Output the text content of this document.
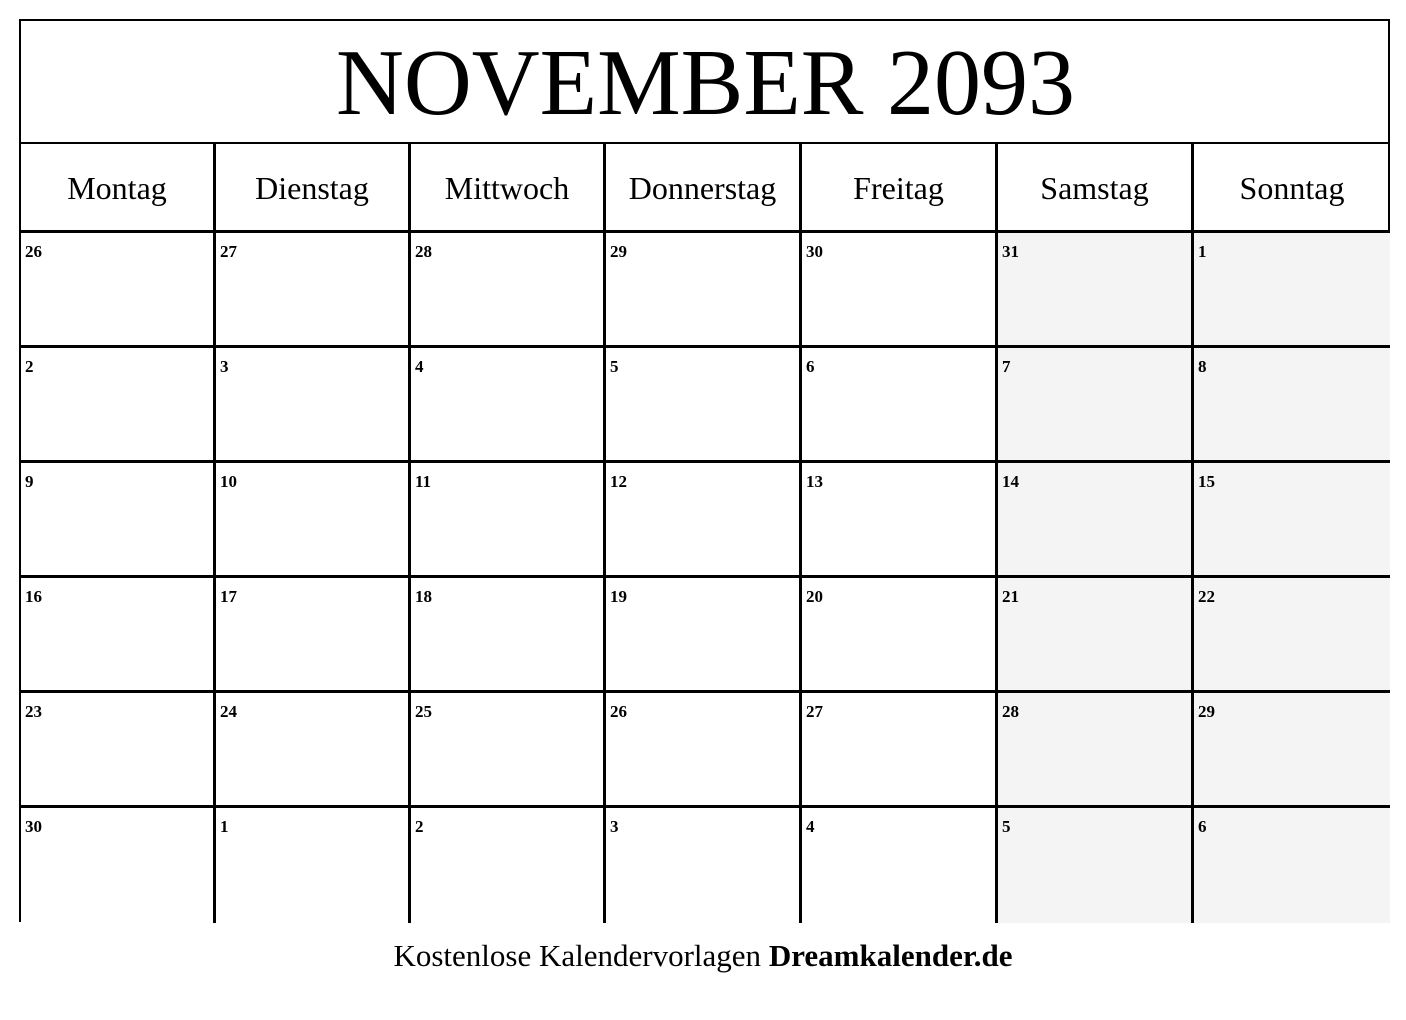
NOVEMBER 2093
Montag	Dienstag	Mittwoch	Donnerstag	Freitag	Samstag	Sonntag
26	27	28	29	30	31	1
2	3	4	5	6	7	8
9	10	11	12	13	14	15
16	17	18	19	20	21	22
23	24	25	26	27	28	29
30	1	2	3	4	5	6
Kostenlose Kalendervorlagen Dreamkalender.de
